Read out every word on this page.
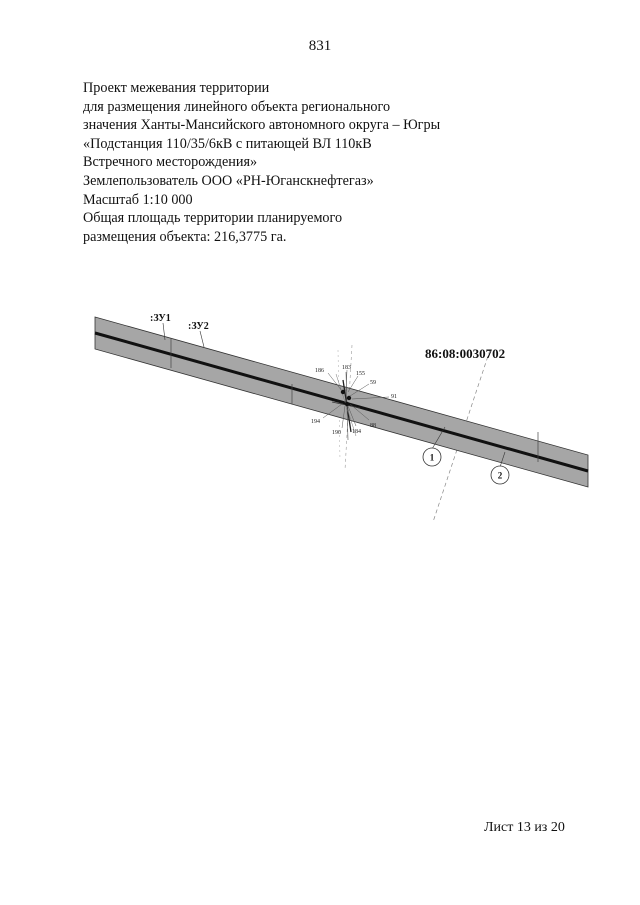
831
Проект межевания территории
для размещения линейного объекта регионального
значения Ханты-Мансийского автономного округа – Югры
«Подстанция 110/35/6кВ с питающей ВЛ 110кВ
Встречного месторождения»
Землепользователь ООО «РН-Юганскнефтегаз»
Масштаб 1:10 000
Общая площадь территории планируемого
размещения объекта: 216,3775 га.
:ЗУ1
:ЗУ2
86:08:0030702
186	183
155
59
91
194
190 184
88
1
2
Лист 13 из 20
